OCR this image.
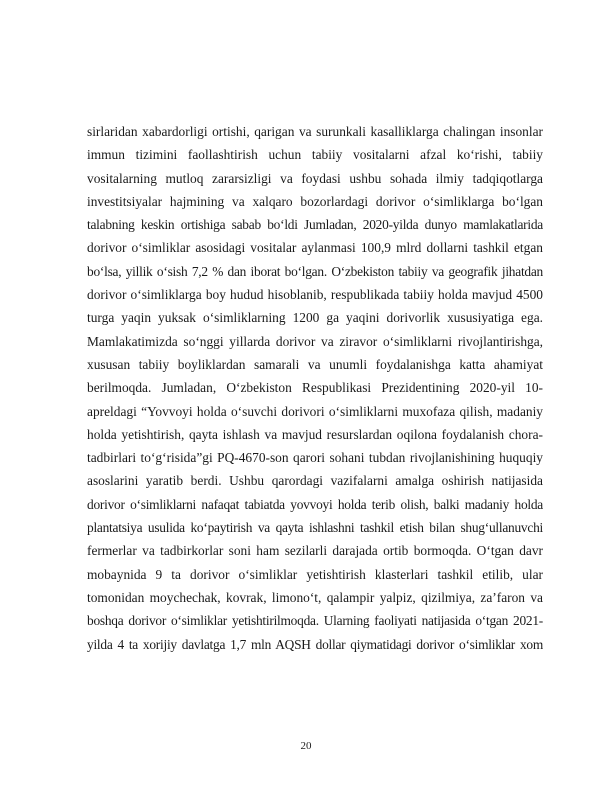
sirlaridan xabardorligi ortishi, qarigan va surunkali kasalliklarga chalingan insonlar
immun tizimini faollashtirish uchun tabiiy vositalarni afzal ko‘rishi, tabiiy
vositalarning mutloq zararsizligi va foydasi ushbu sohada ilmiy tadqiqotlarga
investitsiyalar hajmining va xalqaro bozorlardagi dorivor o‘simliklarga bo‘lgan
talabning keskin ortishiga sabab bo‘ldi Jumladan, 2020-yilda dunyo mamlakatlarida
dorivor o‘simliklar asosidagi vositalar aylanmasi 100,9 mlrd dollarni tashkil etgan
bo‘lsa, yillik o‘sish 7,2 % dan iborat bo‘lgan. O‘zbekiston tabiiy va geografik jihatdan
dorivor o‘simliklarga boy hudud hisoblanib, respublikada tabiiy holda mavjud 4500
turga yaqin yuksak o‘simliklarning 1200 ga yaqini dorivorlik xususiyatiga ega.
Mamlakatimizda so‘nggi yillarda dorivor va ziravor o‘simliklarni rivojlantirishga,
xususan tabiiy boyliklardan samarali va unumli foydalanishga katta ahamiyat
berilmoqda. Jumladan, O‘zbekiston Respublikasi Prezidentining 2020-yil 10-
apreldagi “Yovvoyi holda o‘suvchi dorivori o‘simliklarni muxofaza qilish, madaniy
holda yetishtirish, qayta ishlash va mavjud resurslardan oqilona foydalanish chora-
tadbirlari to‘g‘risida”gi PQ-4670-son qarori sohani tubdan rivojlanishining huquqiy
asoslarini yaratib berdi. Ushbu qarordagi vazifalarni amalga oshirish natijasida
dorivor o‘simliklarni nafaqat tabiatda yovvoyi holda terib olish, balki madaniy holda
plantatsiya usulida ko‘paytirish va qayta ishlashni tashkil etish bilan shug‘ullanuvchi
fermerlar va tadbirkorlar soni ham sezilarli darajada ortib bormoqda. O‘tgan davr
mobaynida 9 ta dorivor o‘simliklar yetishtirish klasterlari tashkil etilib, ular
tomonidan moychechak, kovrak, limono‘t, qalampir yalpiz, qizilmiya, za’faron va
boshqa dorivor o‘simliklar yetishtirilmoqda. Ularning faoliyati natijasida o‘tgan 2021-
yilda 4 ta xorijiy davlatga 1,7 mln AQSH dollar qiymatidagi dorivor o‘simliklar xom
20
